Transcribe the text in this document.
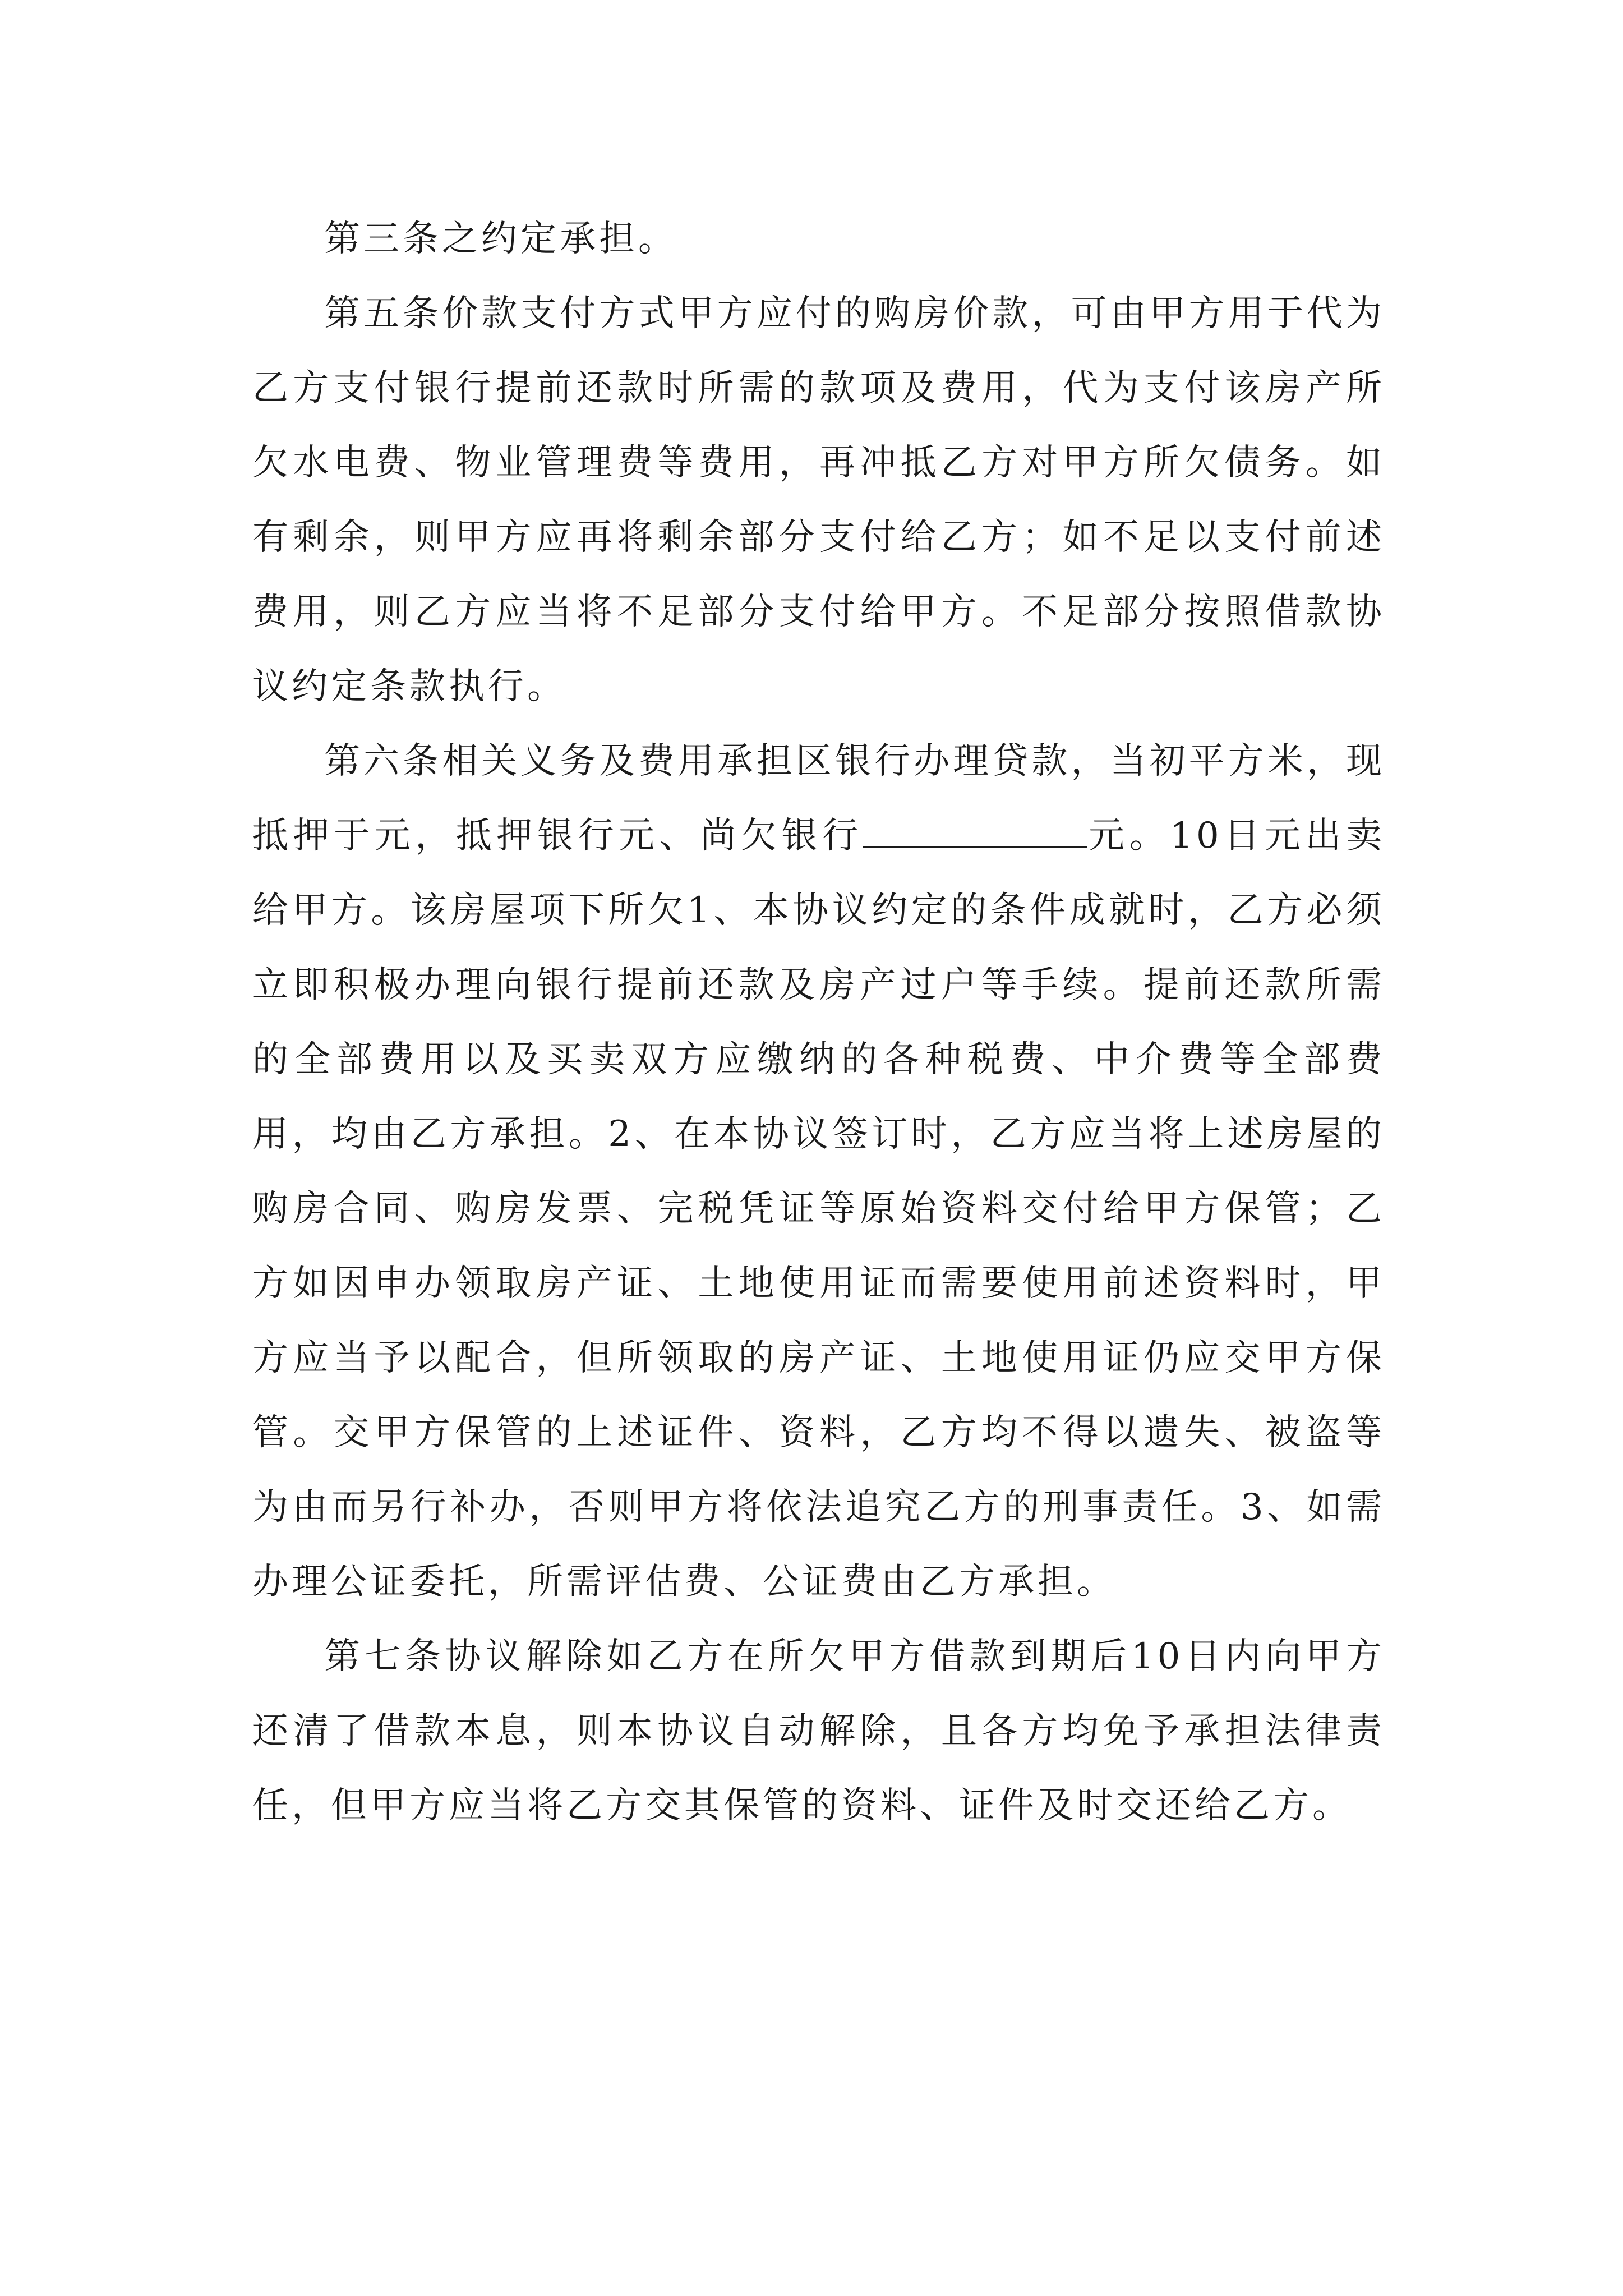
第三条之约定承担。

第五条价款支付方式甲方应付的购房价款，可由甲方用于代为乙方支付银行提前还款时所需的款项及费用，代为支付该房产所欠水电费、物业管理费等费用，再冲抵乙方对甲方所欠债务。如有剩余，则甲方应再将剩余部分支付给乙方；如不足以支付前述费用，则乙方应当将不足部分支付给甲方。不足部分按照借款协议约定条款执行。

第六条相关义务及费用承担区银行办理贷款，当初平方米，现抵押于元，抵押银行元、尚欠银行	元。10日元出卖给甲方。该房屋项下所欠1、本协议约定的条件成就时，乙方必须立即积极办理向银行提前还款及房产过户等手续。提前还款所需的全部费用以及买卖双方应缴纳的各种税费、中介费等全部费用，均由乙方承担。2、在本协议签订时，乙方应当将上述房屋的购房合同、购房发票、完税凭证等原始资料交付给甲方保管；乙方如因申办领取房产证、土地使用证而需要使用前述资料时，甲方应当予以配合，但所领取的房产证、土地使用证仍应交甲方保管。交甲方保管的上述证件、资料，乙方均不得以遗失、被盗等为由而另行补办，否则甲方将依法追究乙方的刑事责任。3、如需办理公证委托，所需评估费、公证费由乙方承担。

第七条协议解除如乙方在所欠甲方借款到期后10日内向甲方还清了借款本息，则本协议自动解除，且各方均免予承担法律责任，但甲方应当将乙方交其保管的资料、证件及时交还给乙方。
